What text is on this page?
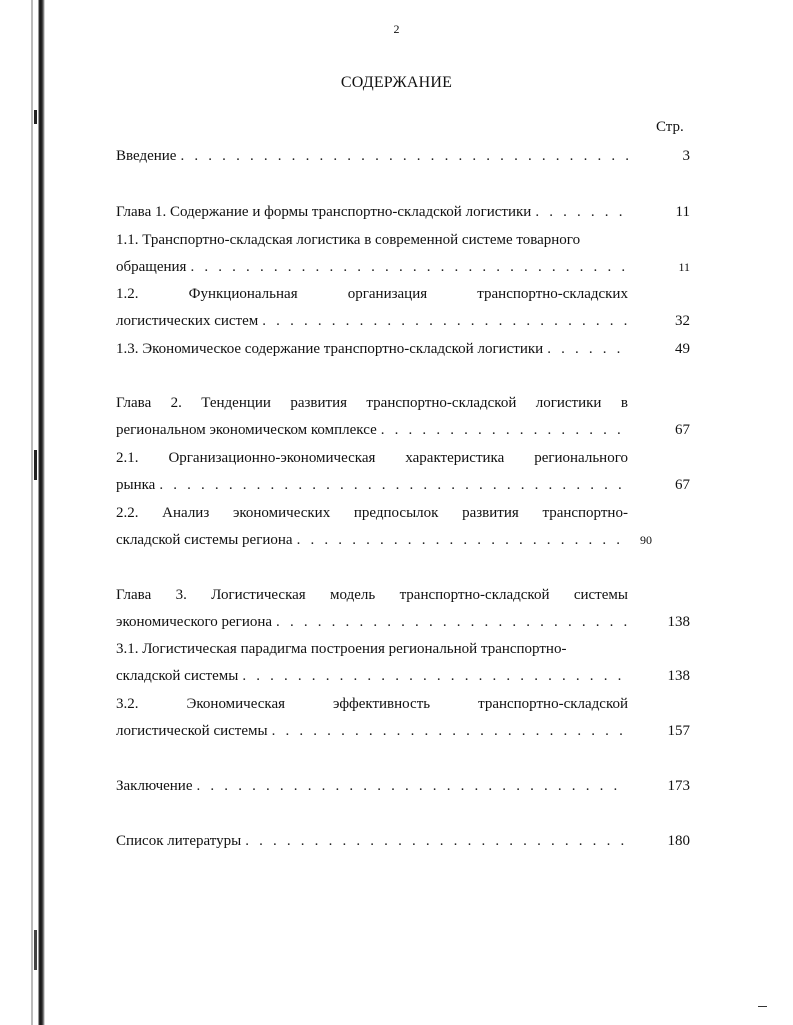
2
СОДЕРЖАНИЕ
Стр.
Введение . . .	3
Глава 1. Содержание и формы транспортно-складской логистики . . .	11
1.1. Транспортно-складская логистика в современной системе товарного
обращения . . .	11
1.2.	Функциональная	организация	транспортно-складских
логистических систем . . .	32
1.3. Экономическое содержание транспортно-складской логистики . . .	49
Глава 2. Тенденции развития транспортно-складской логистики в
региональном экономическом комплексе . . .	67
2.1. Организационно-экономическая характеристика регионального
рынка . . .	67
2.2. Анализ экономических предпосылок развития транспортно-
складской системы региона . . .	90
Глава 3. Логистическая модель транспортно-складской системы
экономического региона . . .	138
3.1. Логистическая парадигма построения региональной транспортно-
складской системы . . .	138
3.2.	Экономическая	эффективность	транспортно-складской
логистической системы . . .	157
Заключение . . .	173
Список литературы . . .	180
